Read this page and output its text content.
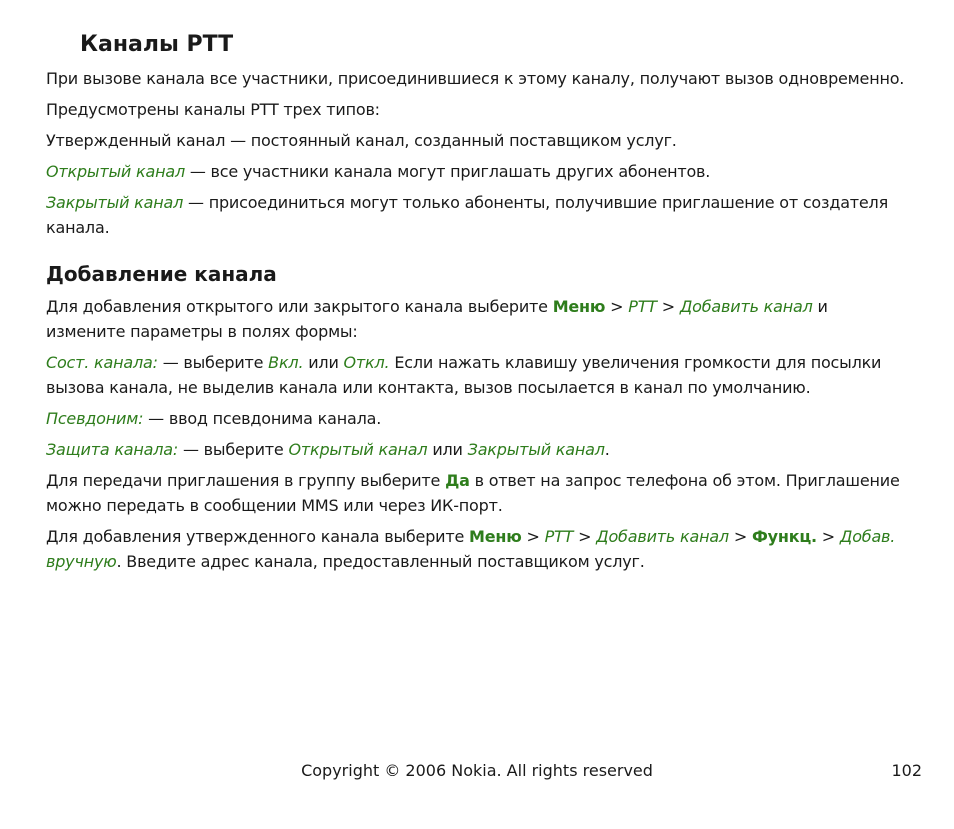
Каналы PTT

При вызове канала все участники, присоединившиеся к этому каналу, получают вызов одновременно.

Предусмотрены каналы PTT трех типов:

Утвержденный канал — постоянный канал, созданный поставщиком услуг.

Открытый канал — все участники канала могут приглашать других абонентов.

Закрытый канал — присоединиться могут только абоненты, получившие приглашение от создателя канала.

Добавление канала

Для добавления открытого или закрытого канала выберите Меню > PTT > Добавить канал и измените параметры в полях формы:

Сост. канала: — выберите Вкл. или Откл. Если нажать клавишу увеличения громкости для посылки вызова канала, не выделив канала или контакта, вызов посылается в канал по умолчанию.

Псевдоним: — ввод псевдонима канала.

Защита канала: — выберите Открытый канал или Закрытый канал.

Для передачи приглашения в группу выберите Да в ответ на запрос телефона об этом. Приглашение можно передать в сообщении MMS или через ИК-порт.

Для добавления утвержденного канала выберите Меню > PTT > Добавить канал > Функц. > Добав. вручную. Введите адрес канала, предоставленный поставщиком услуг.

Copyright © 2006 Nokia. All rights reserved	102
